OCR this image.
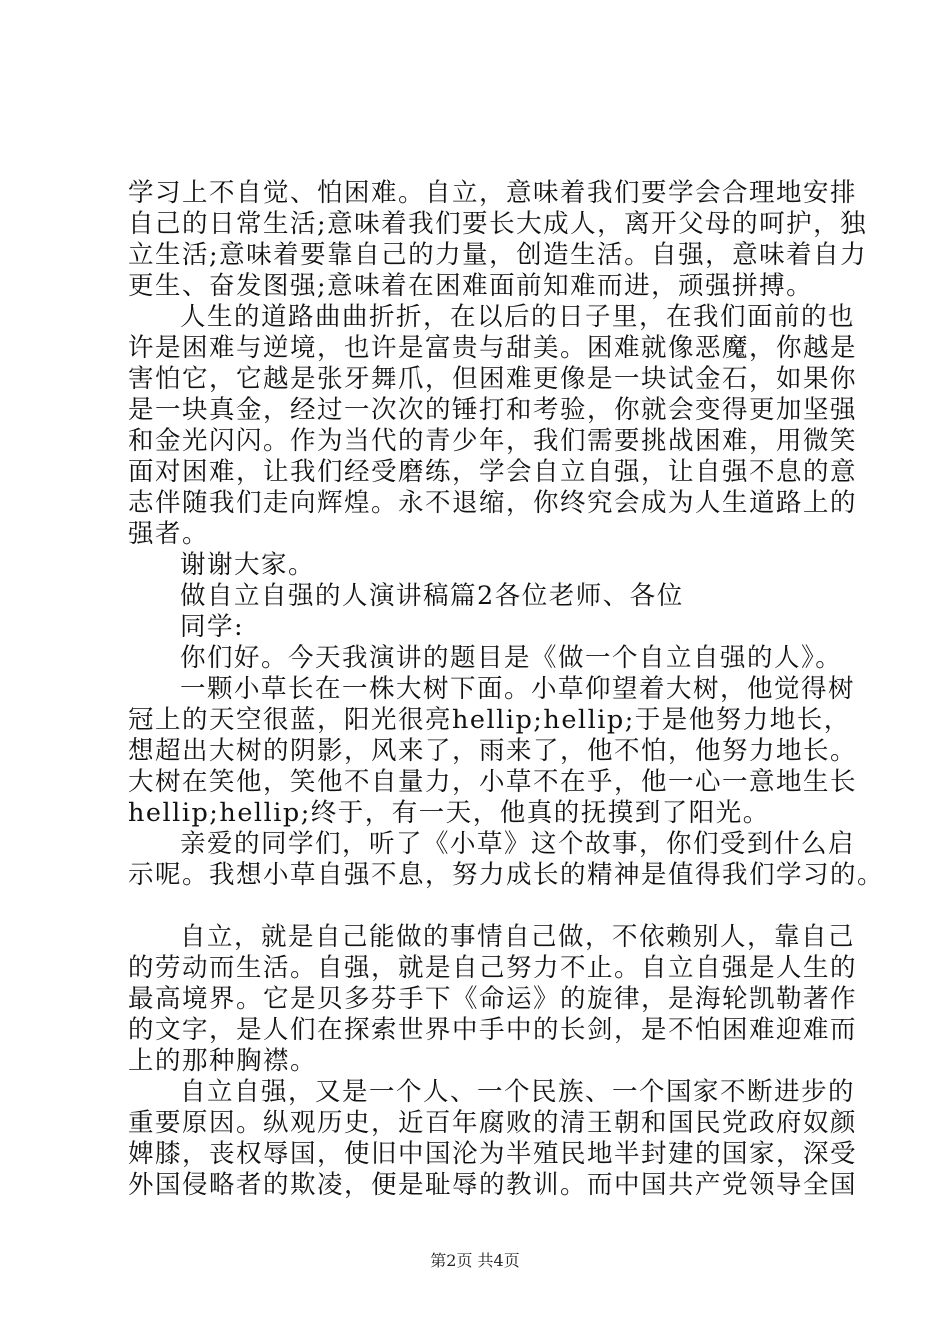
学习上不自觉、怕困难。自立，意味着我们要学会合理地安排
自己的日常生活;意味着我们要长大成人，离开父母的呵护，独
立生活;意味着要靠自己的力量，创造生活。自强，意味着自力
更生、奋发图强;意味着在困难面前知难而进，顽强拼搏。
人生的道路曲曲折折，在以后的日子里，在我们面前的也
许是困难与逆境，也许是富贵与甜美。困难就像恶魔，你越是
害怕它，它越是张牙舞爪，但困难更像是一块试金石，如果你
是一块真金，经过一次次的锤打和考验，你就会变得更加坚强
和金光闪闪。作为当代的青少年，我们需要挑战困难，用微笑
面对困难，让我们经受磨练，学会自立自强，让自强不息的意
志伴随我们走向辉煌。永不退缩，你终究会成为人生道路上的
强者。
谢谢大家。
做自立自强的人演讲稿篇2各位老师、各位
同学:
你们好。今天我演讲的题目是《做一个自立自强的人》。
一颗小草长在一株大树下面。小草仰望着大树，他觉得树
冠上的天空很蓝，阳光很亮hellip;hellip;于是他努力地长，
想超出大树的阴影，风来了，雨来了，他不怕，他努力地长。
大树在笑他，笑他不自量力，小草不在乎，他一心一意地生长
hellip;hellip;终于，有一天，他真的抚摸到了阳光。
亲爱的同学们，听了《小草》这个故事，你们受到什么启
示呢。我想小草自强不息，努力成长的精神是值得我们学习的。
自立，就是自己能做的事情自己做，不依赖别人，靠自己
的劳动而生活。自强，就是自己努力不止。自立自强是人生的
最高境界。它是贝多芬手下《命运》的旋律，是海轮凯勒著作
的文字，是人们在探索世界中手中的长剑，是不怕困难迎难而
上的那种胸襟。
自立自强，又是一个人、一个民族、一个国家不断进步的
重要原因。纵观历史，近百年腐败的清王朝和国民党政府奴颜
婢膝，丧权辱国，使旧中国沦为半殖民地半封建的国家，深受
外国侵略者的欺凌，便是耻辱的教训。而中国共产党领导全国
第2页 共4页
